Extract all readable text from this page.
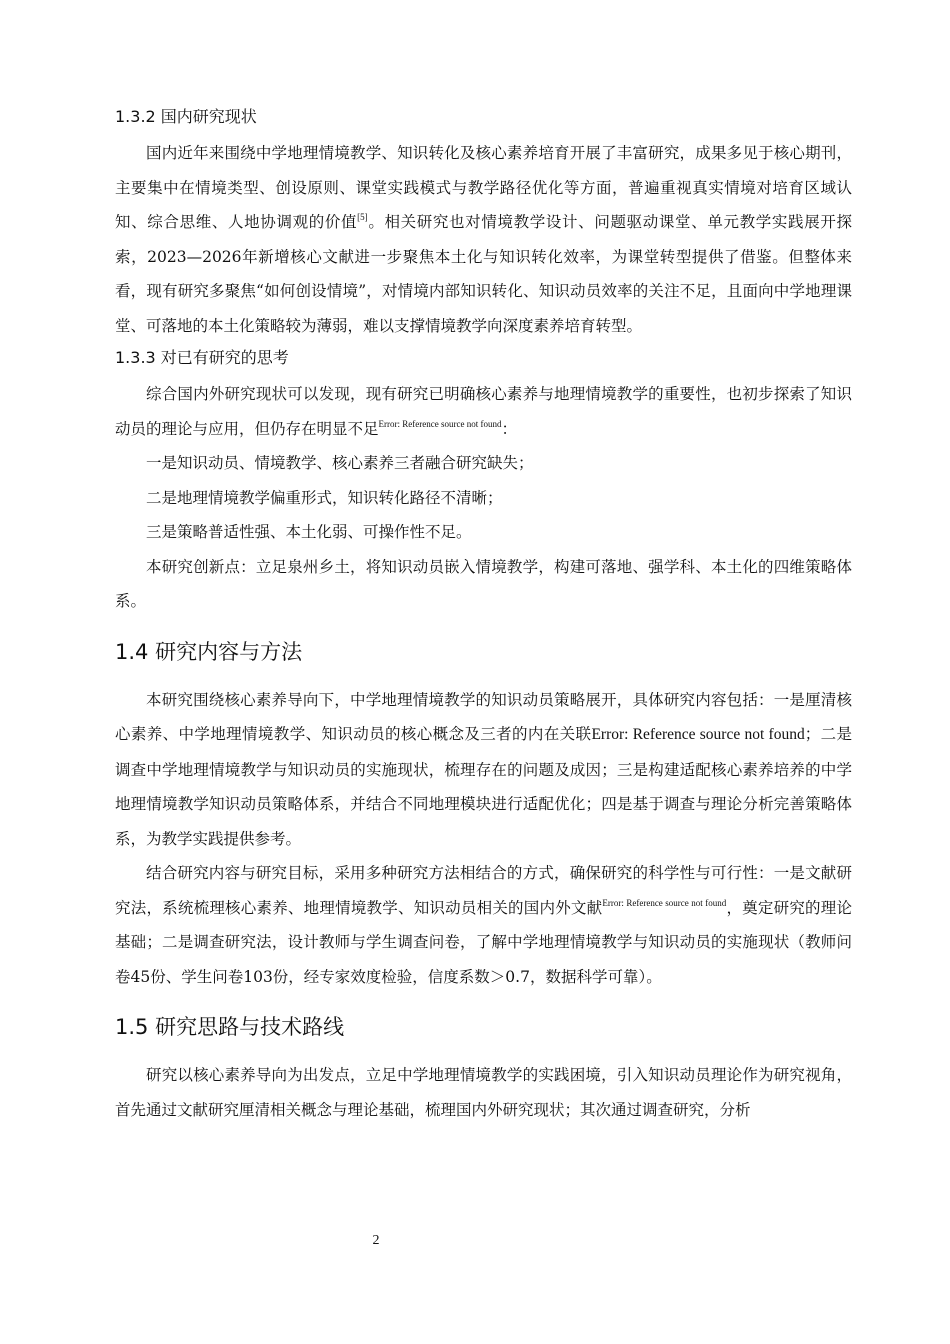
1.3.2 国内研究现状

国内近年来围绕中学地理情境教学、知识转化及核心素养培育开展了丰富研究，成果多见于核心期刊，主要集中在情境类型、创设原则、课堂实践模式与教学路径优化等方面，普遍重视真实情境对培育区域认知、综合思维、人地协调观的价值[5]。相关研究也对情境教学设计、问题驱动课堂、单元教学实践展开探索，2023—2026年新增核心文献进一步聚焦本土化与知识转化效率，为课堂转型提供了借鉴。但整体来看，现有研究多聚焦“如何创设情境”，对情境内部知识转化、知识动员效率的关注不足，且面向中学地理课堂、可落地的本土化策略较为薄弱，难以支撑情境教学向深度素养培育转型。

1.3.3 对已有研究的思考

综合国内外研究现状可以发现，现有研究已明确核心素养与地理情境教学的重要性，也初步探索了知识动员的理论与应用，但仍存在明显不足$^{Error: Reference source not found}$：

一是知识动员、情境教学、核心素养三者融合研究缺失；

二是地理情境教学偏重形式，知识转化路径不清晰；

三是策略普适性强、本土化弱、可操作性不足。

本研究创新点：立足泉州乡土，将知识动员嵌入情境教学，构建可落地、强学科、本土化的四维策略体系。

1.4 研究内容与方法

本研究围绕核心素养导向下，中学地理情境教学的知识动员策略展开，具体研究内容包括：一是厘清核心素养、中学地理情境教学、知识动员的核心概念及三者的内在关联Error: Reference source not found；二是调查中学地理情境教学与知识动员的实施现状，梳理存在的问题及成因；三是构建适配核心素养培养的中学地理情境教学知识动员策略体系，并结合不同地理模块进行适配优化；四是基于调查与理论分析完善策略体系，为教学实践提供参考。

结合研究内容与研究目标，采用多种研究方法相结合的方式，确保研究的科学性与可行性：一是文献研究法，系统梳理核心素养、地理情境教学、知识动员相关的国内外文献$^{Error: Reference source not found}$，奠定研究的理论基础；二是调查研究法，设计教师与学生调查问卷，了解中学地理情境教学与知识动员的实施现状（教师问卷45份、学生问卷103份，经专家效度检验，信度系数＞0.7，数据科学可靠）。

1.5 研究思路与技术路线

研究以核心素养导向为出发点，立足中学地理情境教学的实践困境，引入知识动员理论作为研究视角，首先通过文献研究厘清相关概念与理论基础，梳理国内外研究现状；其次通过调查研究，分析

2
